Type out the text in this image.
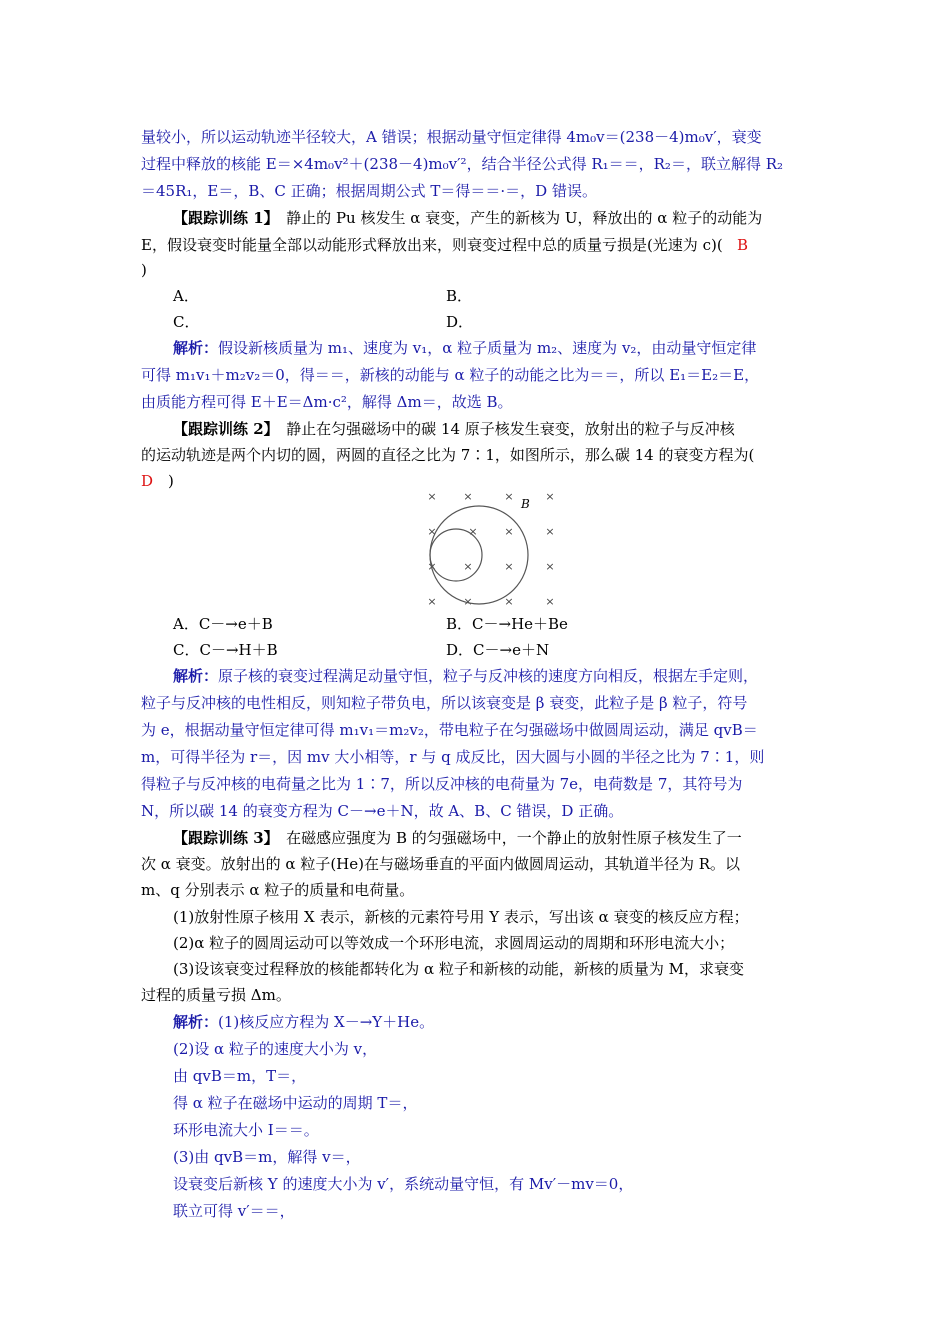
量较小，所以运动轨迹半径较大，A 错误；根据动量守恒定律得 4m₀v＝(238－4)m₀v′，衰变
过程中释放的核能 E＝×4m₀v²＋(238－4)m₀v′²，结合半径公式得 R₁＝＝，R₂＝，联立解得 R₂
＝45R₁，E＝，B、C 正确；根据周期公式 T＝得＝＝·＝，D 错误。
【跟踪训练 1】　静止的 Pu 核发生 α 衰变，产生的新核为 U，释放出的 α 粒子的动能为
E，假设衰变时能量全部以动能形式释放出来，则衰变过程中总的质量亏损是(光速为 c)( B
)
A．	B．
C．	D．
解析：假设新核质量为 m₁、速度为 v₁，α 粒子质量为 m₂、速度为 v₂，由动量守恒定律
可得 m₁v₁＋m₂v₂＝0，得＝＝，新核的动能与 α 粒子的动能之比为＝＝，所以 E₁＝E₂＝E，
由质能方程可得 E＋E＝Δm·c²，解得 Δm＝，故选 B。
【跟踪训练 2】　静止在匀强磁场中的碳 14 原子核发生衰变，放射出的粒子与反冲核
的运动轨迹是两个内切的圆，两圆的直径之比为 7∶1，如图所示，那么碳 14 的衰变方程为(
D　)
A．C－→e＋B	B．C－→He＋Be
C．C－→H＋B	D．C－→e＋N
解析：原子核的衰变过程满足动量守恒，粒子与反冲核的速度方向相反，根据左手定则，
粒子与反冲核的电性相反，则知粒子带负电，所以该衰变是 β 衰变，此粒子是 β 粒子，符号
为 e，根据动量守恒定律可得 m₁v₁＝m₂v₂，带电粒子在匀强磁场中做圆周运动，满足 qvB＝
m，可得半径为 r＝，因 mv 大小相等，r 与 q 成反比，因大圆与小圆的半径之比为 7∶1，则
得粒子与反冲核的电荷量之比为 1∶7，所以反冲核的电荷量为 7e，电荷数是 7，其符号为
N，所以碳 14 的衰变方程为 C－→e＋N，故 A、B、C 错误，D 正确。
【跟踪训练 3】　在磁感应强度为 B 的匀强磁场中，一个静止的放射性原子核发生了一
次 α 衰变。放射出的 α 粒子(He)在与磁场垂直的平面内做圆周运动，其轨道半径为 R。以
m、q 分别表示 α 粒子的质量和电荷量。
(1)放射性原子核用 X 表示，新核的元素符号用 Y 表示，写出该 α 衰变的核反应方程；
(2)α 粒子的圆周运动可以等效成一个环形电流，求圆周运动的周期和环形电流大小；
(3)设该衰变过程释放的核能都转化为 α 粒子和新核的动能，新核的质量为 M，求衰变
过程的质量亏损 Δm。
解析：(1)核反应方程为 X－→Y＋He。
(2)设 α 粒子的速度大小为 v，
由 qvB＝m，T＝，
得 α 粒子在磁场中运动的周期 T＝，
环形电流大小 I＝＝。
(3)由 qvB＝m，解得 v＝，
设衰变后新核 Y 的速度大小为 v′，系统动量守恒，有 Mv′－mv＝0，
联立可得 v′＝＝，
× ×	×	×
×	× ×	×
× ×	×	×
× ×	×	×
B
